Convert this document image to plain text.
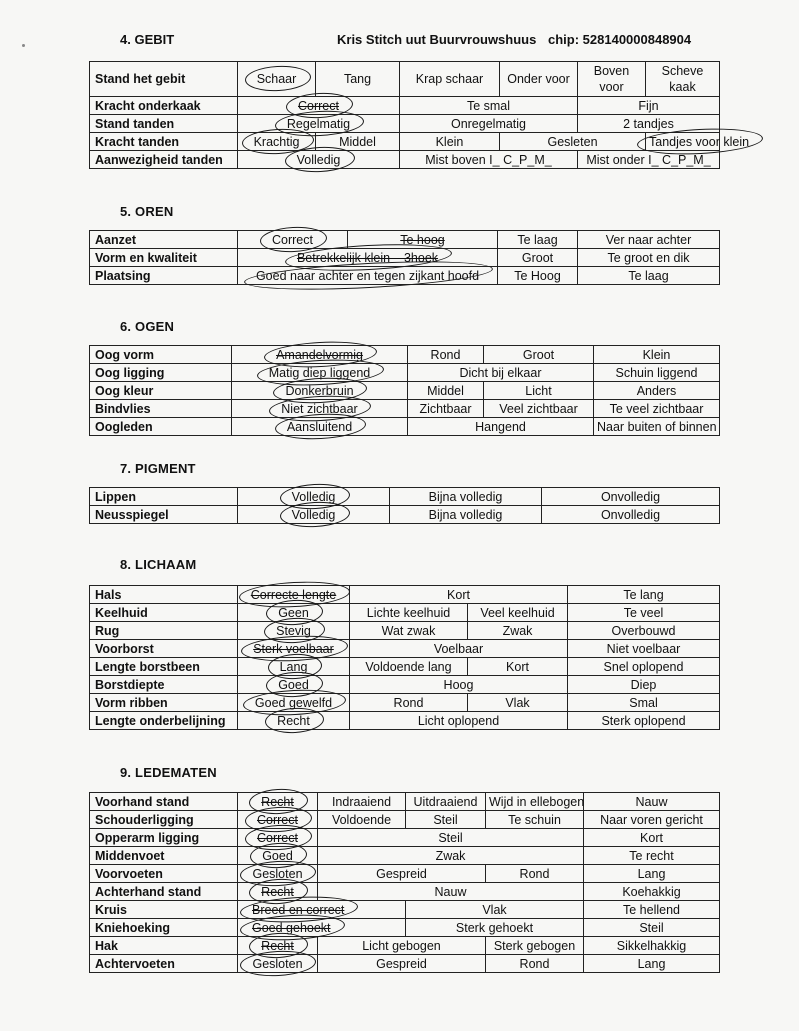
4. GEBIT	Kris Stitch uut Buurvrouwshuus chip: 528140000848904
Stand het gebit	Schaar	Tang	Krap schaar	Onder voor	Boven voor	Scheve kaak
Kracht onderkaak	Correct		Te smal		Fijn	
Stand tanden	Regelmatig		Onregelmatig		2 tandjes	
Kracht tanden	Krachtig	Middel	Klein	Gesleten		Tandjes voor klein
Aanwezigheid tanden	Volledig		Mist boven I_ C_P_M_		Mist onder I_ C_P_M_	
5. OREN
Aanzet	Correct	Te hoog	Te laag	Ver naar achter
Vorm en kwaliteit	Betrekkelijk klein – 3hoek		Groot	Te groot en dik
Plaatsing	Goed naar achter en tegen zijkant hoofd		Te Hoog	Te laag
6. OGEN
Oog vorm	Amandelvormig	Rond	Groot	Klein
Oog ligging	Matig diep liggend	Dicht bij elkaar		Schuin liggend
Oog kleur	Donkerbruin	Middel	Licht	Anders
Bindvlies	Niet zichtbaar	Zichtbaar	Veel zichtbaar	Te veel zichtbaar
Oogleden	Aansluitend	Hangend		Naar buiten of binnen
7. PIGMENT
Lippen	Volledig	Bijna volledig	Onvolledig
Neusspiegel	Volledig	Bijna volledig	Onvolledig
8. LICHAAM
Hals	Correcte lengte	Kort		Te lang
Keelhuid	Geen	Lichte keelhuid	Veel keelhuid	Te veel
Rug	Stevig	Wat zwak	Zwak	Overbouwd
Voorborst	Sterk voelbaar	Voelbaar		Niet voelbaar
Lengte borstbeen	Lang	Voldoende lang	Kort	Snel oplopend
Borstdiepte	Goed	Hoog		Diep
Vorm ribben	Goed gewelfd	Rond	Vlak	Smal
Lengte onderbelijning	Recht	Licht oplopend		Sterk oplopend
9. LEDEMATEN
Voorhand stand	Recht	Indraaiend	Uitdraaiend	Wijd in ellebogen	Nauw
Schouderligging	Correct	Voldoende	Steil	Te schuin	Naar voren gericht
Opperarm ligging	Correct	Steil			Kort
Middenvoet	Goed	Zwak			Te recht
Voorvoeten	Gesloten	Gespreid		Rond	Lang
Achterhand stand	Recht	Nauw			Koehakkig
Kruis	Breed en correct		Vlak		Te hellend
Kniehoeking	Goed gehoekt		Sterk gehoekt		Steil
Hak	Recht	Licht gebogen		Sterk gebogen	Sikkelhakkig
Achtervoeten	Gesloten	Gespreid		Rond	Lang
